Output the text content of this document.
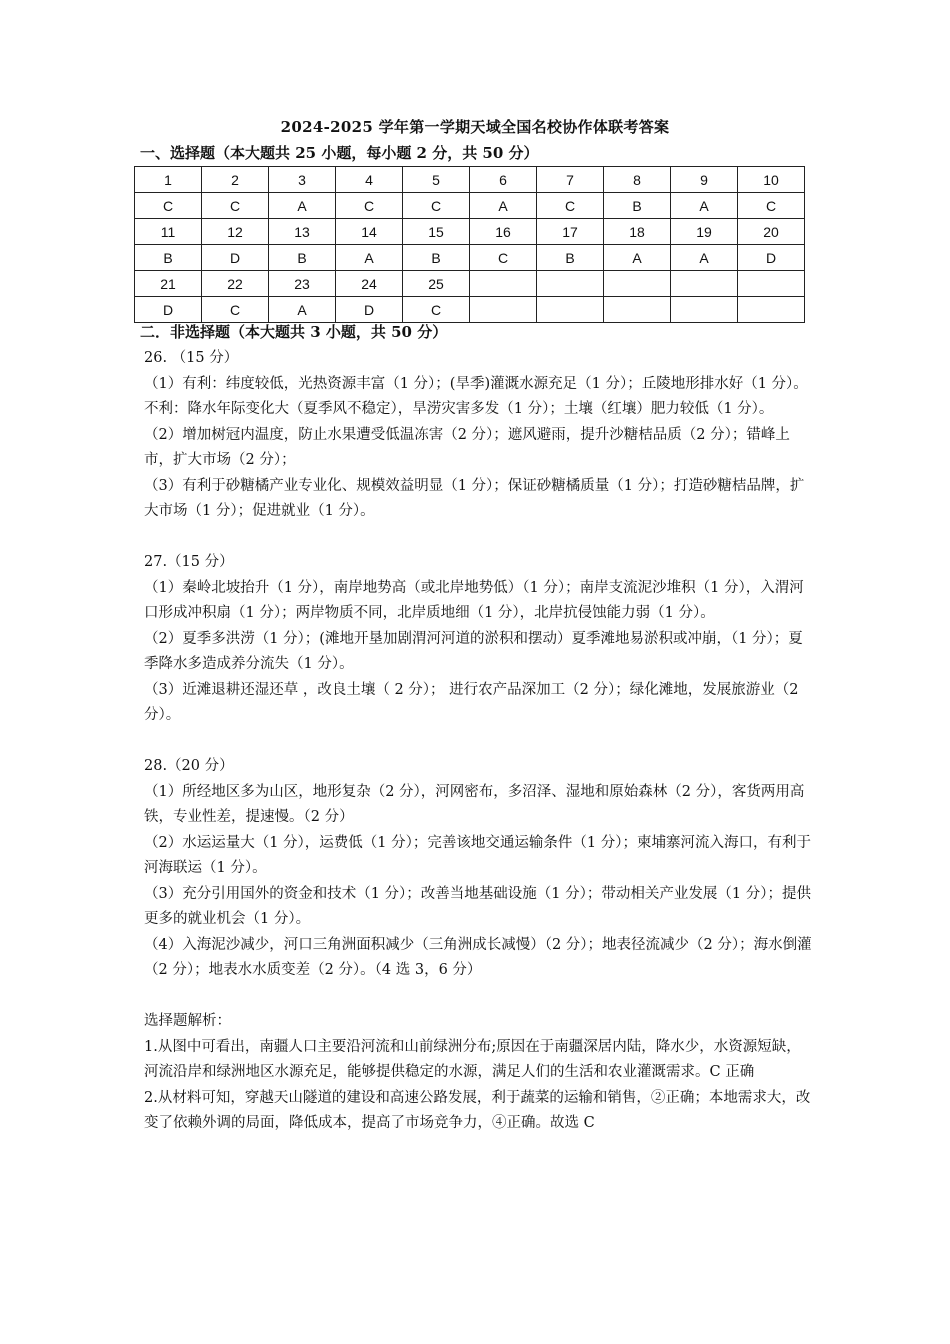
2024-2025 学年第一学期天域全国名校协作体联考答案
一、选择题（本大题共 25 小题，每小题 2 分，共 50 分）
1	2	3	4	5	6	7	8	9	10
C	C	A	C	C	A	C	B	A	C
11	12	13	14	15	16	17	18	19	20
B	D	B	A	B	C	B	A	A	D
21	22	23	24	25					
D	C	A	D	C					
二．非选择题（本大题共 3 小题，共 50 分）

26. （15 分）

（1）有利：纬度较低，光热资源丰富（1 分）；(旱季)灌溉水源充足（1 分）；丘陵地形排水好（1 分）。

不利：降水年际变化大（夏季风不稳定），旱涝灾害多发（1 分）；土壤（红壤）肥力较低（1 分）。

（2）增加树冠内温度，防止水果遭受低温冻害（2 分）；遮风避雨，提升沙糖桔品质（2 分）；错峰上市，扩大市场（2 分）；

（3）有利于砂糖橘产业专业化、规模效益明显（1 分）；保证砂糖橘质量（1 分）；打造砂糖桔品牌，扩大市场（1 分）；促进就业（1 分）。

27.（15 分）

（1）秦岭北坡抬升（1 分），南岸地势高（或北岸地势低）（1 分）；南岸支流泥沙堆积（1 分），入渭河口形成冲积扇（1 分）；两岸物质不同，北岸质地细（1 分），北岸抗侵蚀能力弱（1 分）。

（2）夏季多洪涝（1 分）；(滩地开垦加剧渭河河道的淤积和摆动）夏季滩地易淤积或冲崩，（1 分）；夏季降水多造成养分流失（1 分）。

（3）近滩退耕还湿还草 ，改良土壤（ 2 分）； 进行农产品深加工（2 分）；绿化滩地，发展旅游业（2 分）。

28.（20 分）

（1）所经地区多为山区，地形复杂（2 分），河网密布，多沼泽、湿地和原始森林（2 分），客货两用高铁，专业性差，提速慢。（2 分）

（2）水运运量大（1 分），运费低（1 分）；完善该地交通运输条件（1 分）；柬埔寨河流入海口，有利于河海联运（1 分）。

（3）充分引用国外的资金和技术（1 分）；改善当地基础设施（1 分）；带动相关产业发展（1 分）；提供更多的就业机会（1 分）。

（4）入海泥沙减少，河口三角洲面积减少（三角洲成长减慢）（2 分）；地表径流减少（2 分）；海水倒灌（2 分）；地表水水质变差（2 分）。（4 选 3，6 分）

选择题解析：

1.从图中可看出，南疆人口主要沿河流和山前绿洲分布;原因在于南疆深居内陆，降水少，水资源短缺，河流沿岸和绿洲地区水源充足，能够提供稳定的水源，满足人们的生活和农业灌溉需求。C 正确

2.从材料可知，穿越天山隧道的建设和高速公路发展，利于蔬菜的运输和销售，②正确；本地需求大，改变了依赖外调的局面，降低成本，提高了市场竞争力，④正确。故选 C
